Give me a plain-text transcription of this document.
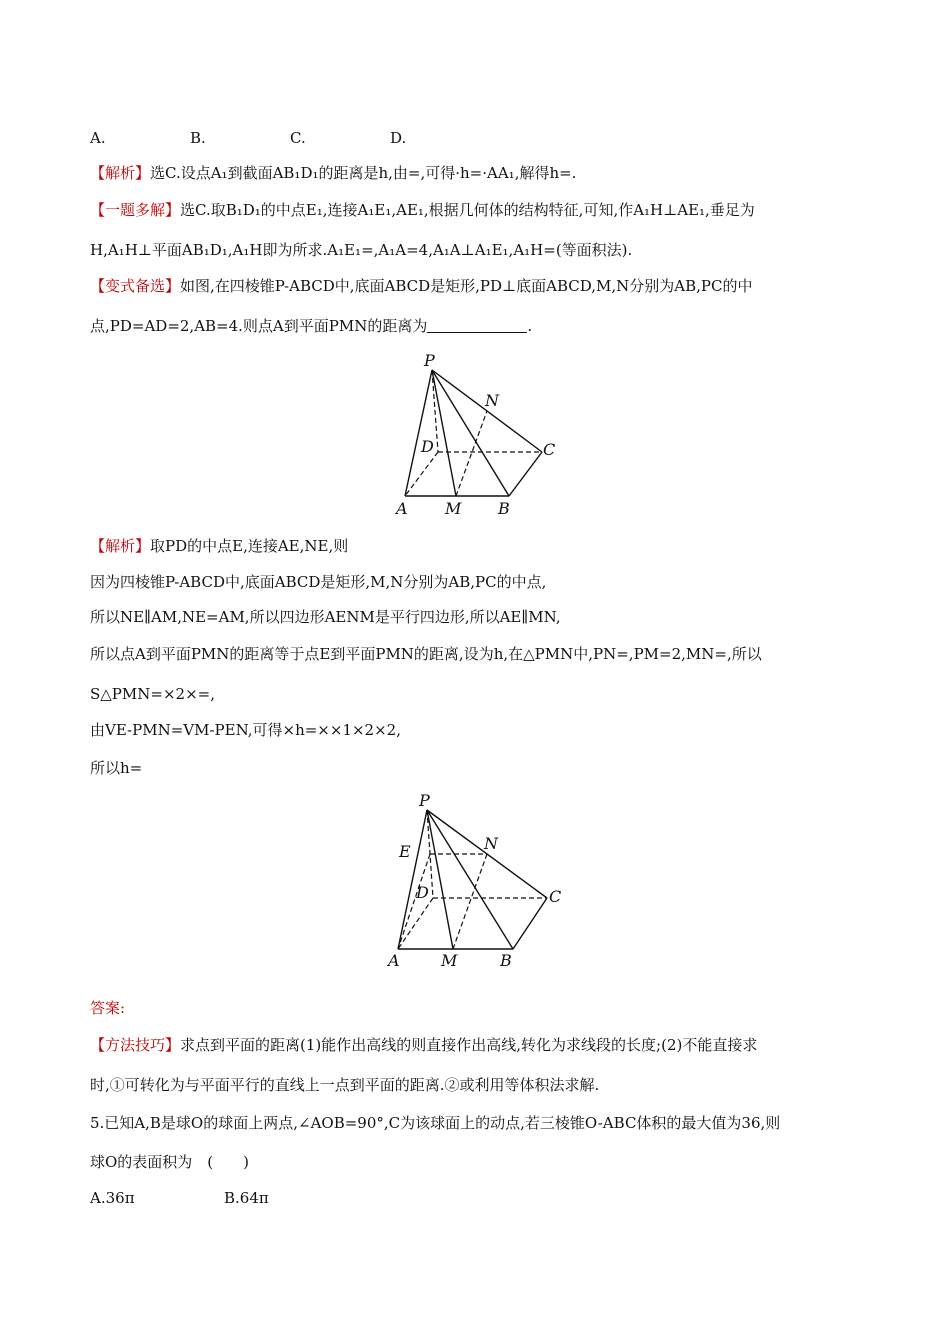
A.	B.	C.	D.
【解析】选C.设点A₁到截面AB₁D₁的距离是h,由=,可得·h=·AA₁,解得h=.
【一题多解】选C.取B₁D₁的中点E₁,连接A₁E₁,AE₁,根据几何体的结构特征,可知,作A₁H⊥AE₁,垂足为
H,A₁H⊥平面AB₁D₁,A₁H即为所求.A₁E₁=,A₁A=4,A₁A⊥A₁E₁,A₁H=(等面积法).
【变式备选】如图,在四棱锥P-ABCD中,底面ABCD是矩形,PD⊥底面ABCD,M,N分别为AB,PC的中
点,PD=AD=2,AB=4.则点A到平面PMN的距离为	.
P
N
D	C
A M B
【解析】取PD的中点E,连接AE,NE,则
因为四棱锥P-ABCD中,底面ABCD是矩形,M,N分别为AB,PC的中点,
所以NE∥AM,NE=AM,所以四边形AENM是平行四边形,所以AE∥MN,
所以点A到平面PMN的距离等于点E到平面PMN的距离,设为h,在△PMN中,PN=,PM=2,MN=,所以
S△PMN=×2×=,
由VE-PMN=VM-PEN,可得×h=××1×2×2,
所以h=
P
E	N
D	C
A	M	B
答案:
【方法技巧】求点到平面的距离(1)能作出高线的则直接作出高线,转化为求线段的长度;(2)不能直接求
时,①可转化为与平面平行的直线上一点到平面的距离.②或利用等体积法求解.
5.已知A,B是球O的球面上两点,∠AOB=90°,C为该球面上的动点,若三棱锥O-ABC体积的最大值为36,则
球O的表面积为　(　　)
A.36π	B.64π
